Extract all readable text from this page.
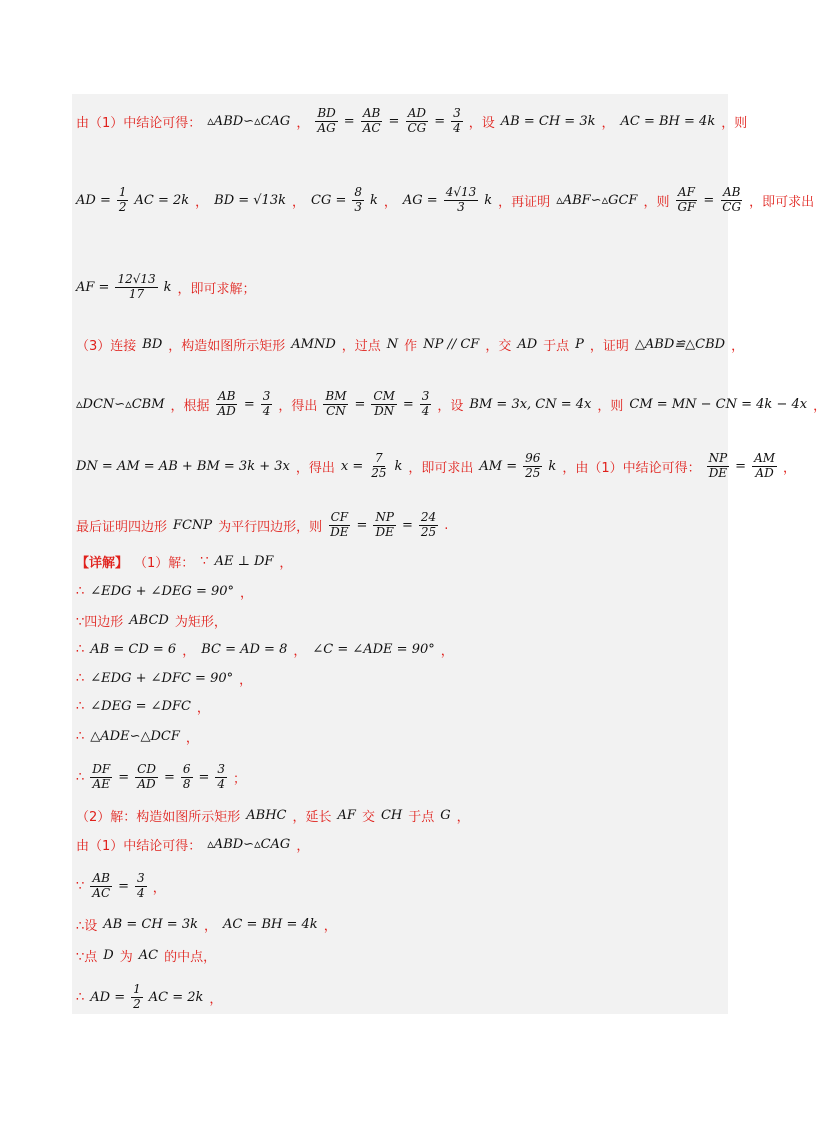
由（1）中结论可得： ▵ABD∽▵CAG ， $\frac{BD}{AG} = \frac{AB}{AC} = \frac{AD}{CG} = \frac{3}{4}$ ，设 AB = CH = 3k ， AC = BH = 4k ，则
AD = $\frac{1}{2}$ AC = 2k ， BD = √13k ， CG = $\frac{8}{3}$ k ， AG = $\frac{4√13}{3}$ k ，再证明 ▵ABF∽▵GCF ，则 $\frac{AF}{GF} = \frac{AB}{CG}$ ，即可求出
AF = $\frac{12√13}{17}$ k ，即可求解；
（3）连接 BD ，构造如图所示矩形 AMND ，过点 N 作 NP // CF ，交 AD 于点 P ，证明 △ABD≌△CBD ，
▵DCN∽▵CBM ，根据 $\frac{AB}{AD} = \frac{3}{4}$ ，得出 $\frac{BM}{CN} = \frac{CM}{DN} = \frac{3}{4}$ ，设 BM = 3x, CN = 4x ，则 CM = MN − CN = 4k − 4x ，
DN = AM = AB + BM = 3k + 3x ，得出 $x = \frac{7}{25}$ k ，即可求出 AM = $\frac{96}{25}$ k ，由（1）中结论可得： $\frac{NP}{DE} = \frac{AM}{AD}$ ，
最后证明四边形 FCNP 为平行四边形，则 $\frac{CF}{DE} = \frac{NP}{DE} = \frac{24}{25}$ .
【详解】 （1）解： ∵ AE ⊥ DF ，
∴ ∠EDG + ∠DEG = 90° ，
∵四边形 ABCD 为矩形，
∴ AB = CD = 6 ， BC = AD = 8 ， ∠C = ∠ADE = 90° ，
∴ ∠EDG + ∠DFC = 90° ，
∴ ∠DEG = ∠DFC ，
∴ △ADE∽△DCF ，
∴ $\frac{DF}{AE} = \frac{CD}{AD} = \frac{6}{8} = \frac{3}{4}$ ；
（2）解：构造如图所示矩形 ABHC ，延长 AF 交 CH 于点 G ，
由（1）中结论可得： ▵ABD∽▵CAG ，
∵ $\frac{AB}{AC} = \frac{3}{4}$ ，
∴设 AB = CH = 3k ， AC = BH = 4k ，
∵点 D 为 AC 的中点，
∴ AD = $\frac{1}{2}$ AC = 2k ，
